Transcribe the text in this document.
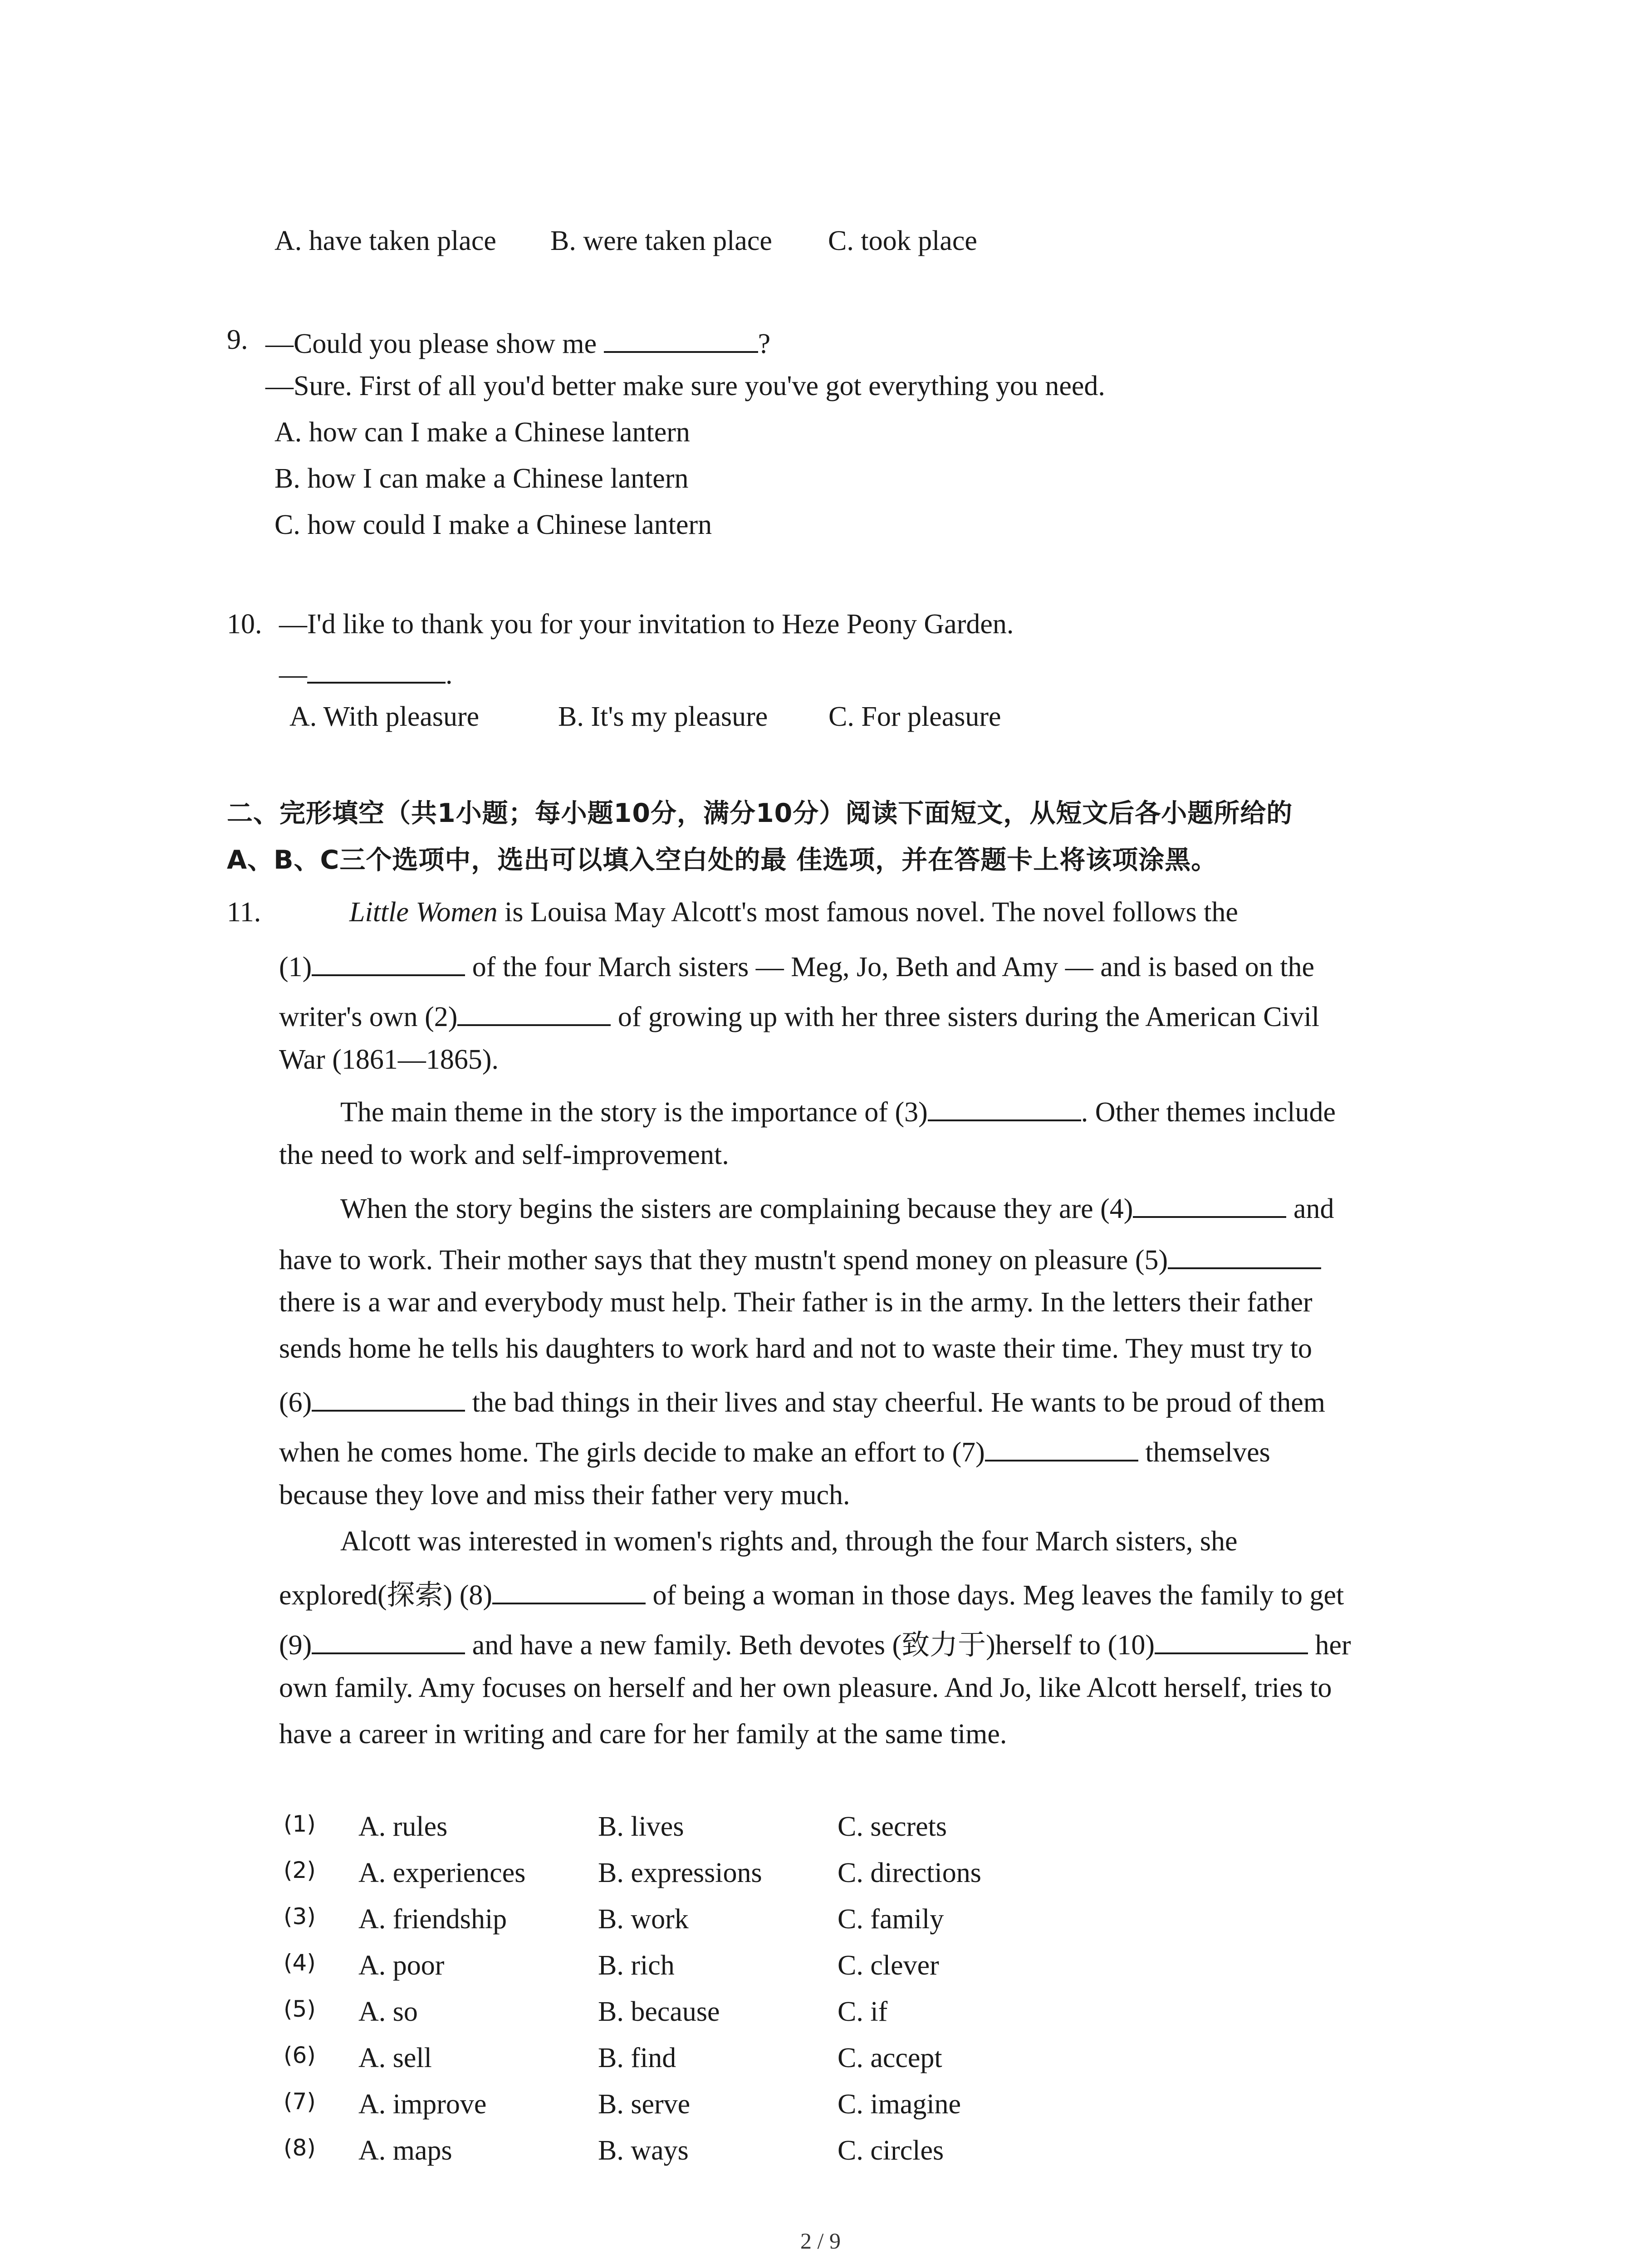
A. have taken place B. were taken place C. took place
9. —Could you please show me	?
—Sure. First of all you'd better make sure you've got everything you need.
A. how can I make a Chinese lantern
B. how I can make a Chinese lantern
C. how could I make a Chinese lantern
10. —I'd like to thank you for your invitation to Heze Peony Garden.
—	.
A. With pleasure	B. It's my pleasure C. For pleasure
二、完形填空（共1小题；每小题10分，满分10分）阅读下面短文，从短文后各小题所给的
A、B、C三个选项中，选出可以填入空白处的最 佳选项，并在答题卡上将该项涂黑。
11.	Little Women is Louisa May Alcott's most famous novel. The novel follows the
(1)	of the four March sisters — Meg, Jo, Beth and Amy — and is based on the
writer's own (2)	of growing up with her three sisters during the American Civil
War (1861—1865).
The main theme in the story is the importance of (3)	. Other themes include
the need to work and self-improvement.
When the story begins the sisters are complaining because they are (4)	and
have to work. Their mother says that they mustn't spend money on pleasure (5)
there is a war and everybody must help. Their father is in the army. In the letters their father
sends home he tells his daughters to work hard and not to waste their time. They must try to
(6)	the bad things in their lives and stay cheerful. He wants to be proud of them
when he comes home. The girls decide to make an effort to (7)	themselves
because they love and miss their father very much.
Alcott was interested in women's rights and, through the four March sisters, she
explored(探索) (8)	of being a woman in those days. Meg leaves the family to get
(9)	and have a new family. Beth devotes (致力于)herself to (10)	her
own family. Amy focuses on herself and her own pleasure. And Jo, like Alcott herself, tries to
have a career in writing and care for her family at the same time.
(1) A. rules	B. lives	C. secrets
(2) A. experiences	B. expressions	C. directions
(3) A. friendship	B. work	C. family
(4) A. poor	B. rich	C. clever
(5) A. so	B. because	C. if
(6) A. sell	B. find	C. accept
(7) A. improve	B. serve	C. imagine
(8) A. maps	B. ways	C. circles
2 / 9
